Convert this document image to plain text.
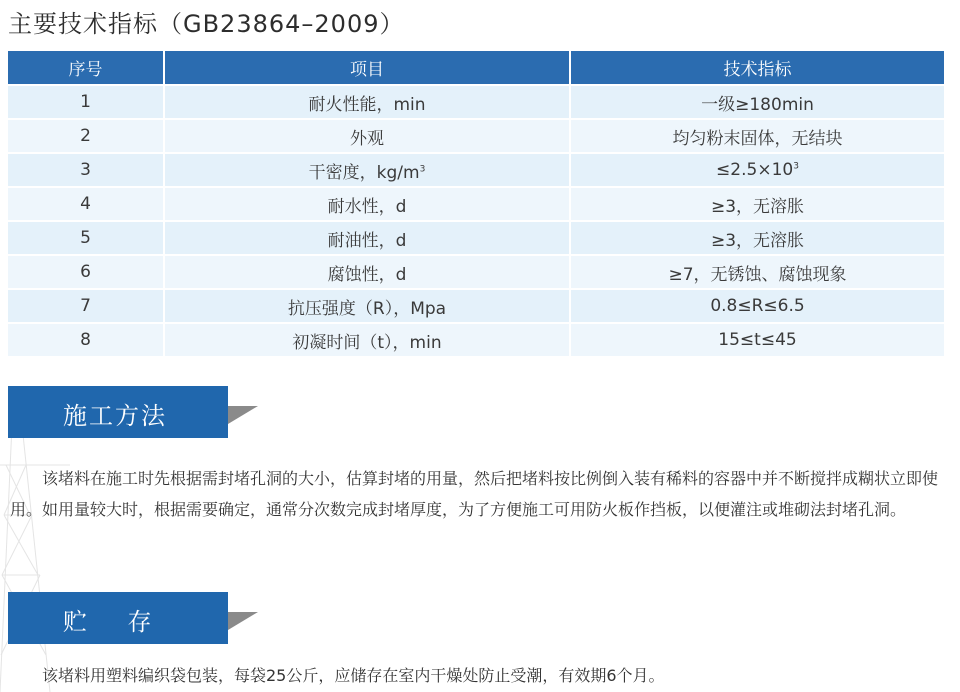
主要技术指标（GB23864–2009）
序号	项目	技术指标
1	耐火性能，min	一级≥180min
2	外观	均匀粉末固体，无结块
3	干密度，$kg/m^3$	$\le 2.5\times 10^3$
4	耐水性，d	≥3，无溶胀
5	耐油性，d	≥3，无溶胀
6	腐蚀性，d	≥7，无锈蚀、腐蚀现象
7	抗压强度（R），Mpa	0.8≤R≤6.5
8	初凝时间（t），min	15≤t≤45
施工方法
该堵料在施工时先根据需封堵孔洞的大小，估算封堵的用量，然后把堵料按比例倒入装有稀料的容器中并不断搅拌成糊状立即使用。如用量较大时，根据需要确定，通常分次数完成封堵厚度，为了方便施工可用防火板作挡板，以便灌注或堆砌法封堵孔洞。
贮    存
该堵料用塑料编织袋包装，每袋25公斤，应储存在室内干燥处防止受潮，有效期6个月。
